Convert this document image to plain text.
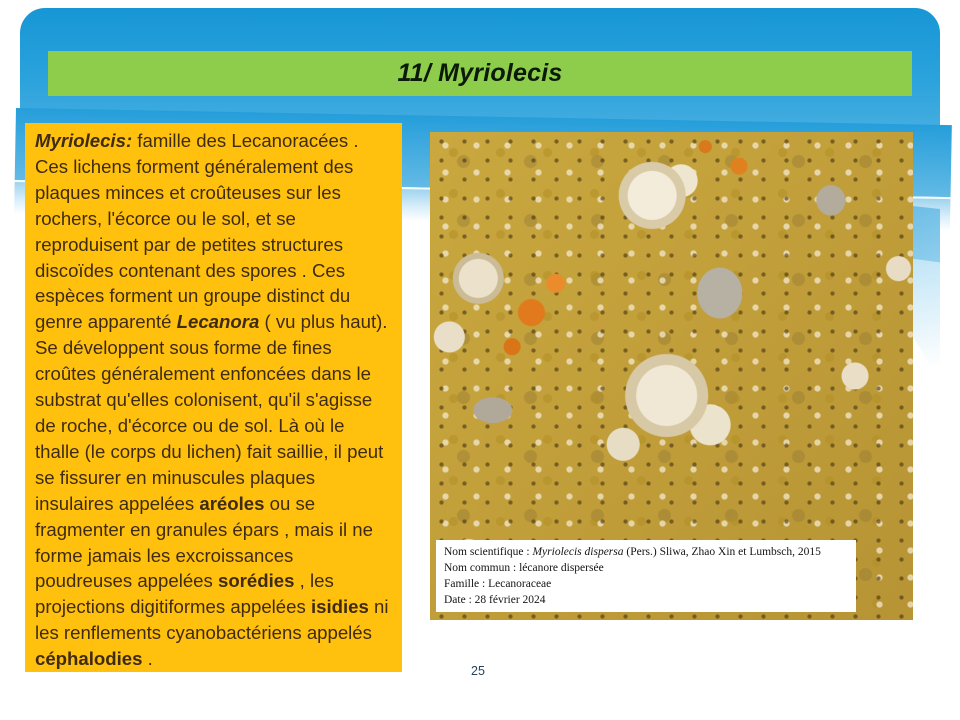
11/ Myriolecis
Myriolecis: famille des Lecanoracées . Ces lichens forment généralement des plaques minces et croûteuses sur les rochers, l'écorce ou le sol, et se reproduisent par de petites structures discoïdes contenant des spores . Ces espèces forment un groupe distinct du genre apparenté Lecanora ( vu plus haut). Se développent sous forme de fines croûtes généralement enfoncées dans le substrat qu'elles colonisent, qu'il s'agisse de roche, d'écorce ou de sol. Là où le thalle (le corps du lichen) fait saillie, il peut se fissurer en minuscules plaques insulaires appelées aréoles ou se fragmenter en granules épars , mais il ne forme jamais les excroissances poudreuses appelées sorédies , les projections digitiformes appelées isidies ni les renflements cyanobactériens appelés céphalodies .
Nom scientifique : Myriolecis dispersa (Pers.) Sliwa, Zhao Xin et Lumbsch, 2015
Nom commun : lécanore dispersée
Famille : Lecanoraceae
Date : 28 février 2024
25
